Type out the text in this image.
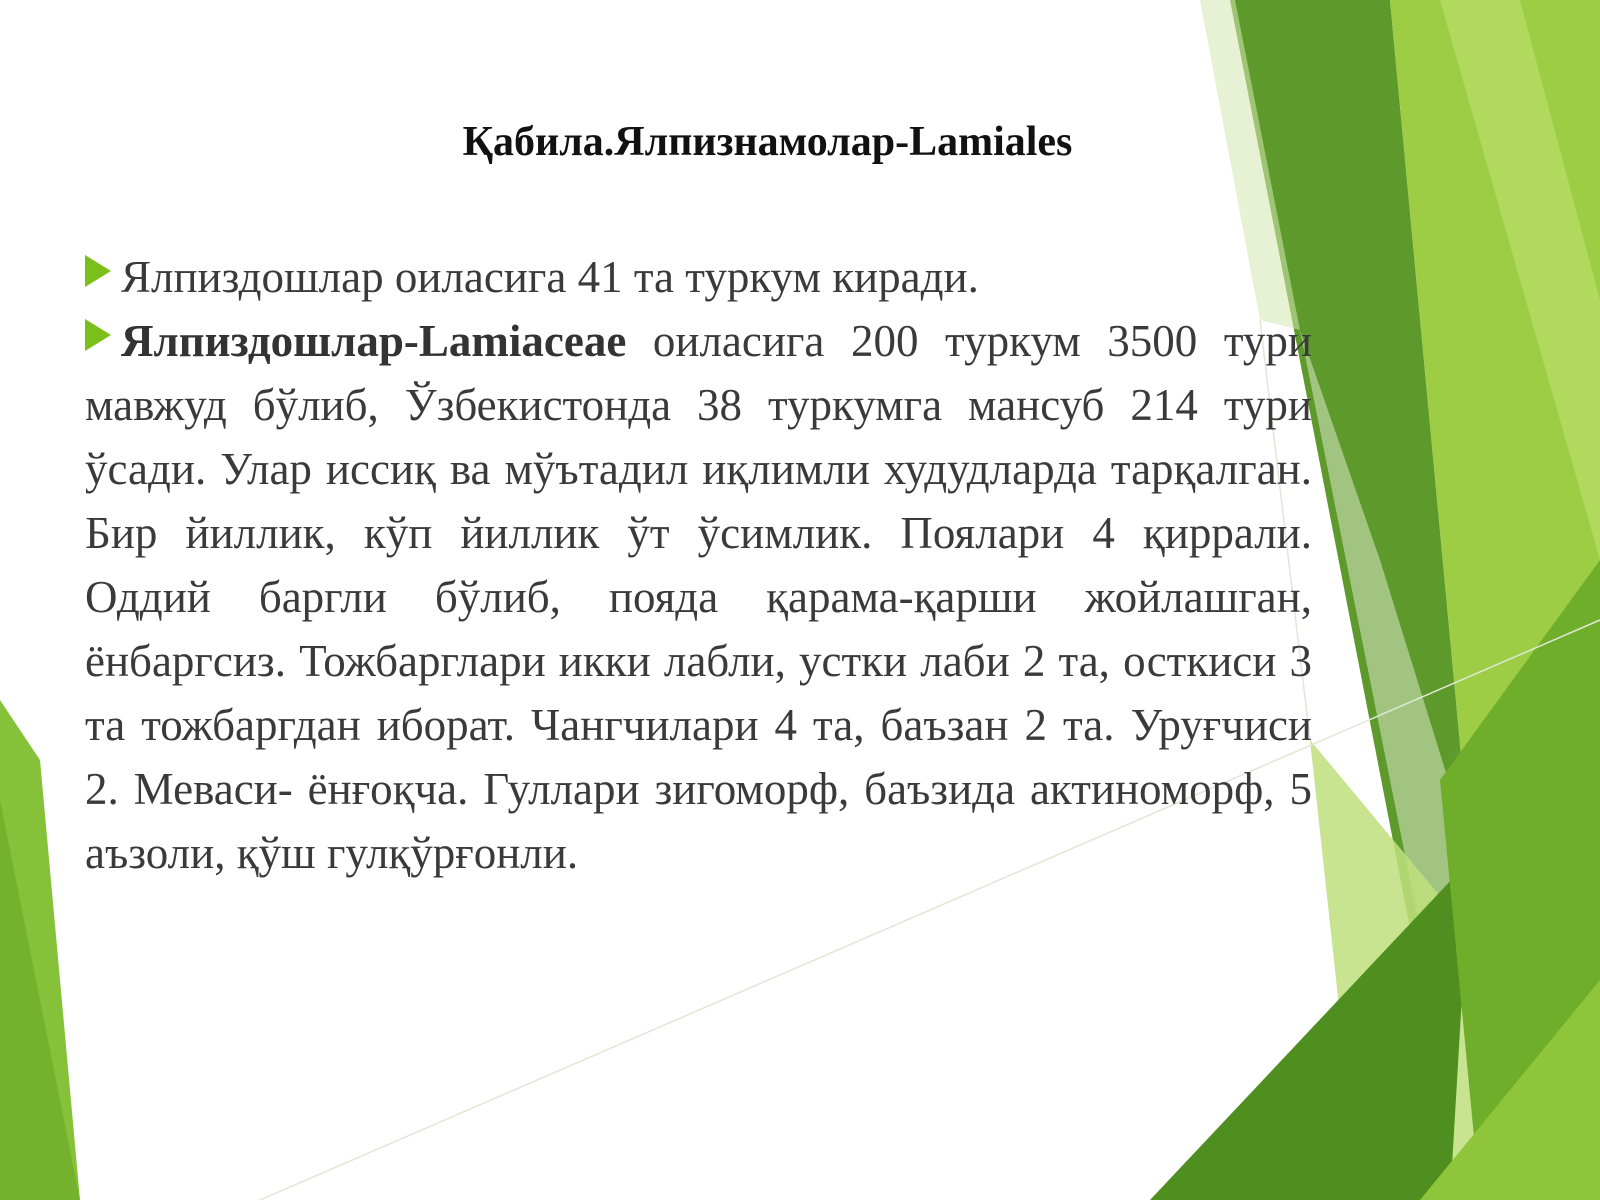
Қабила.Ялпизнамолар-Lamiales

Ялпиздошлар оиласига 41 та туркум киради.

Ялпиздошлар-Lamiaceae оиласига 200 туркум 3500 тури мавжуд бўлиб, Ўзбекистонда 38 туркумга мансуб 214 тури ўсади. Улар иссиқ ва мўътадил иқлимли худудларда тарқалган. Бир йиллик, кўп йиллик ўт ўсимлик. Поялари 4 қиррали. Оддий баргли бўлиб, пояда қарама-қарши жойлашган, ёнбаргсиз. Тожбарглари икки лабли, устки лаби 2 та, осткиси 3 та тожбаргдан иборат. Чангчилари 4 та, баъзан 2 та. Уруғчиси 2. Меваси- ёнғоқча. Гуллари зигоморф, баъзида актиноморф, 5 аъзоли, қўш гулқўрғонли.
